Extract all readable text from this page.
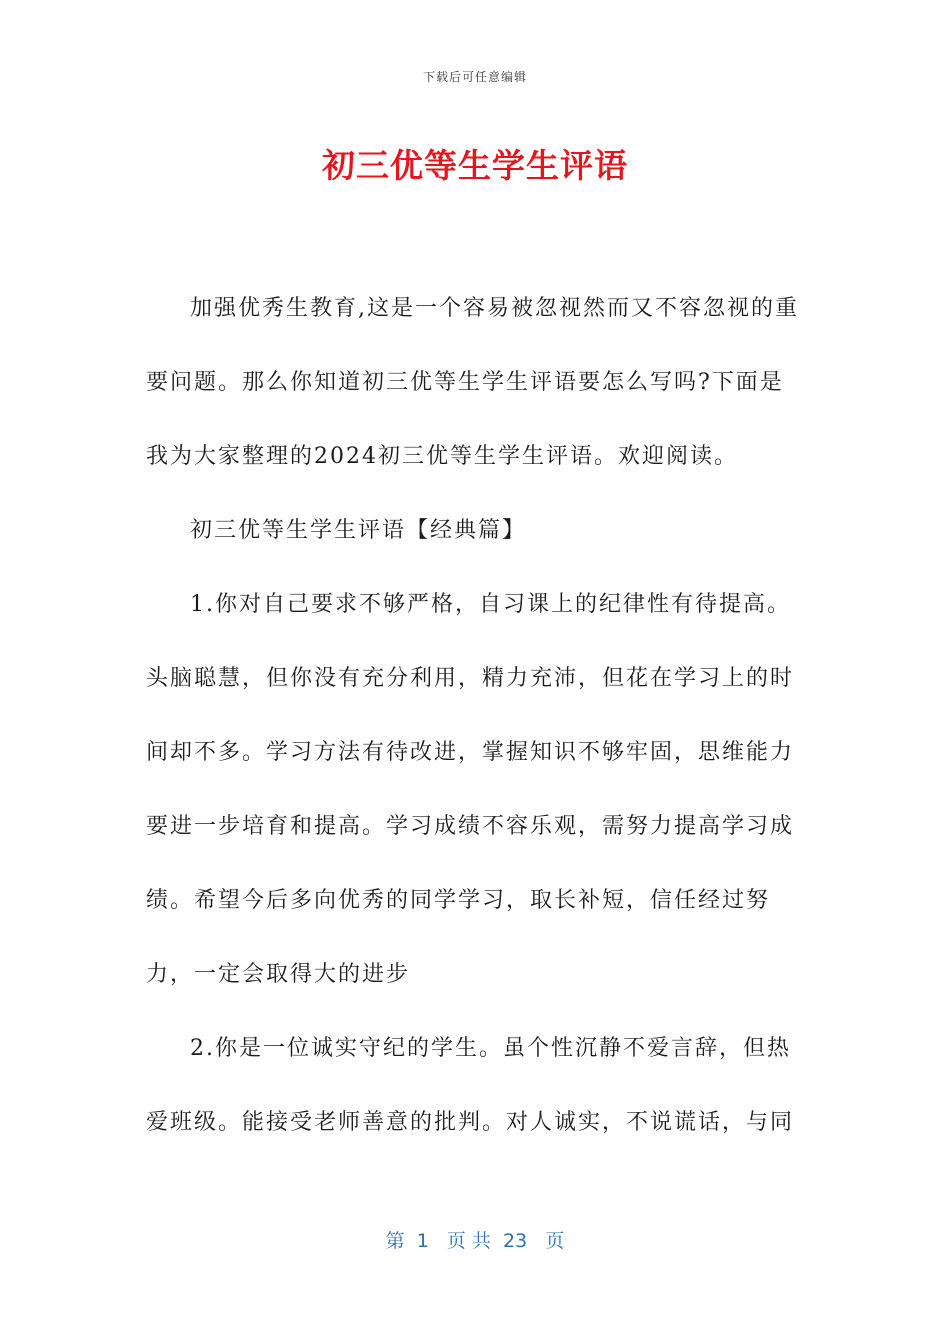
下载后可任意编辑
初三优等生学生评语

加强优秀生教育,这是一个容易被忽视然而又不容忽视的重要问题。那么你知道初三优等生学生评语要怎么写吗?下面是我为大家整理的2024初三优等生学生评语。欢迎阅读。

初三优等生学生评语【经典篇】

1.你对自己要求不够严格，自习课上的纪律性有待提高。头脑聪慧，但你没有充分利用，精力充沛，但花在学习上的时间却不多。学习方法有待改进，掌握知识不够牢固，思维能力要进一步培育和提高。学习成绩不容乐观，需努力提高学习成绩。希望今后多向优秀的同学学习，取长补短，信任经过努力，一定会取得大的进步

2.你是一位诚实守纪的学生。虽个性沉静不爱言辞，但热爱班级。能接受老师善意的批判。对人诚实，不说谎话，与同

第  1   页 共  23   页
